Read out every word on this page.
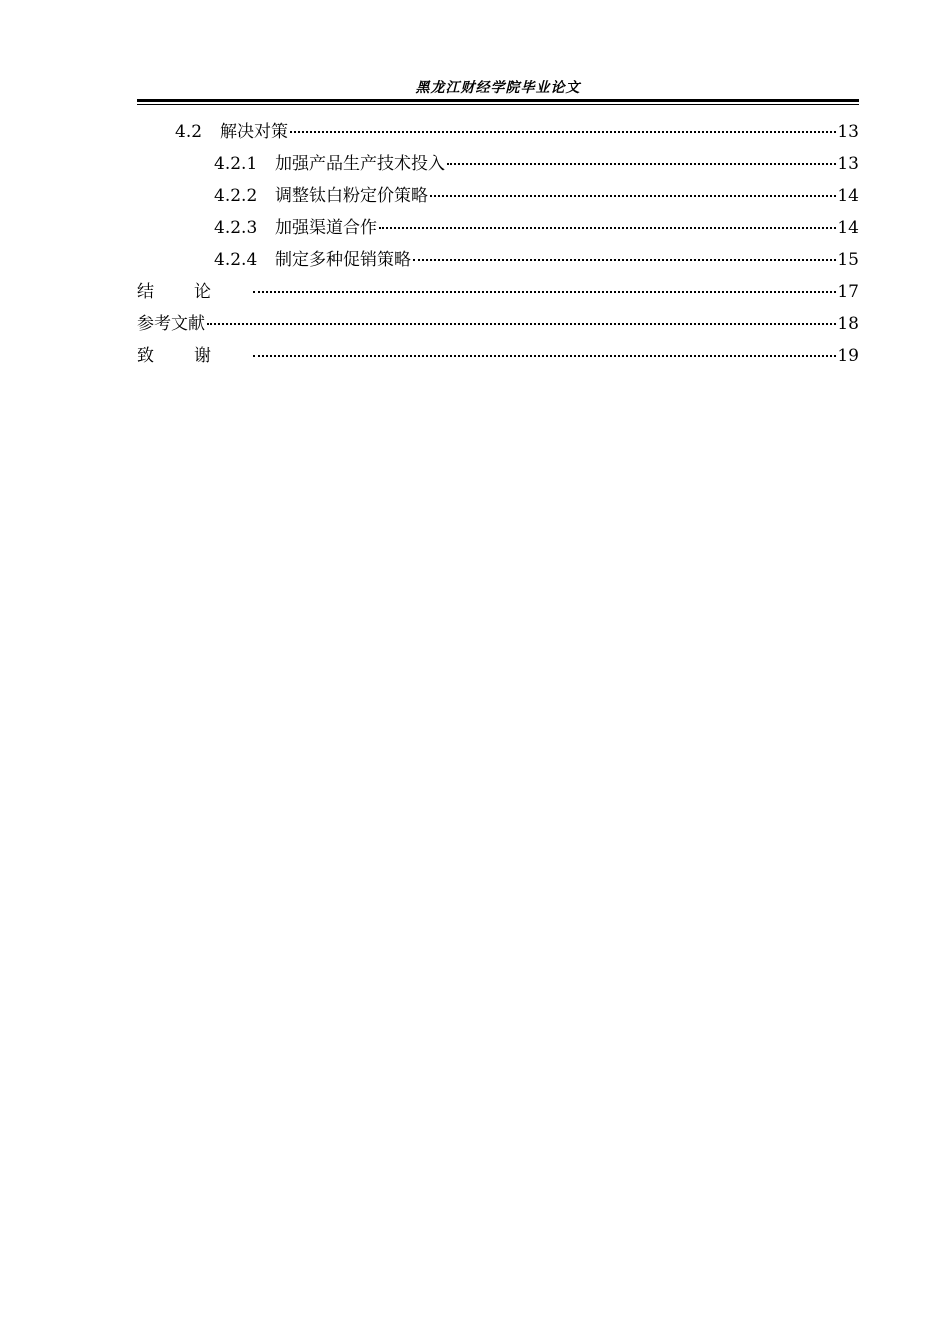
黑龙江财经学院毕业论文
4.2	解决对策	13
4.2.1	加强产品生产技术投入	13
4.2.2	调整钛白粉定价策略	14
4.2.3	加强渠道合作	14
4.2.4	制定多种促销策略	15
结论	17
参考文献	18
致谢	19
